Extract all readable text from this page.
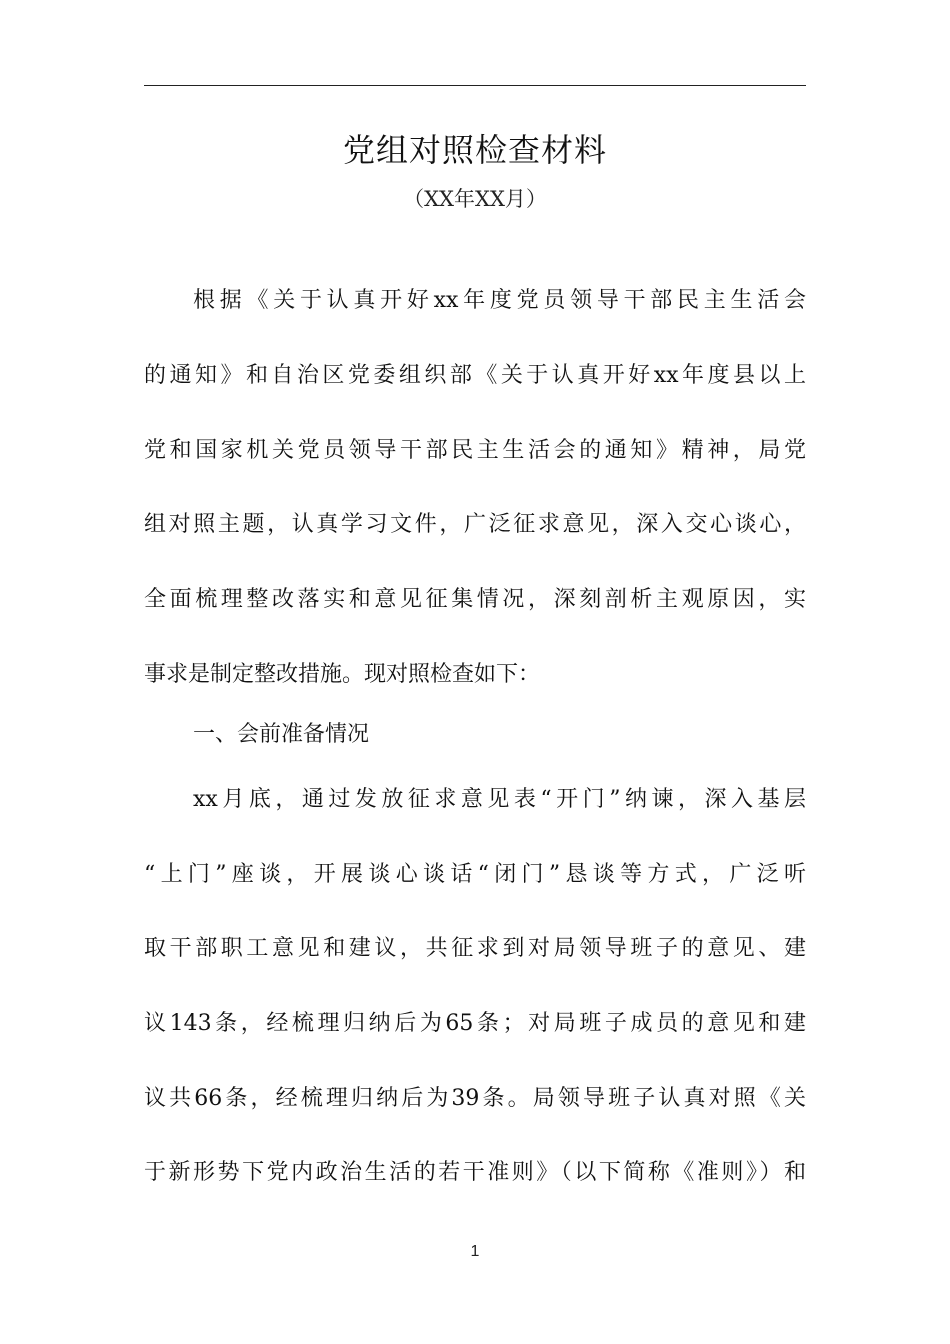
党组对照检查材料
（XX年XX月）
根据《关于认真开好xx年度党员领导干部民主生活会
的通知》和自治区党委组织部《关于认真开好xx年度县以上
党和国家机关党员领导干部民主生活会的通知》精神，局党
组对照主题，认真学习文件，广泛征求意见，深入交心谈心，
全面梳理整改落实和意见征集情况，深刻剖析主观原因，实
事求是制定整改措施。现对照检查如下：
一、会前准备情况
xx月底，通过发放征求意见表“开门”纳谏，深入基层
“上门”座谈，开展谈心谈话“闭门”恳谈等方式，广泛听
取干部职工意见和建议，共征求到对局领导班子的意见、建
议143条，经梳理归纳后为65条；对局班子成员的意见和建
议共66条，经梳理归纳后为39条。局领导班子认真对照《关
于新形势下党内政治生活的若干准则》（以下简称《准则》）和
1
